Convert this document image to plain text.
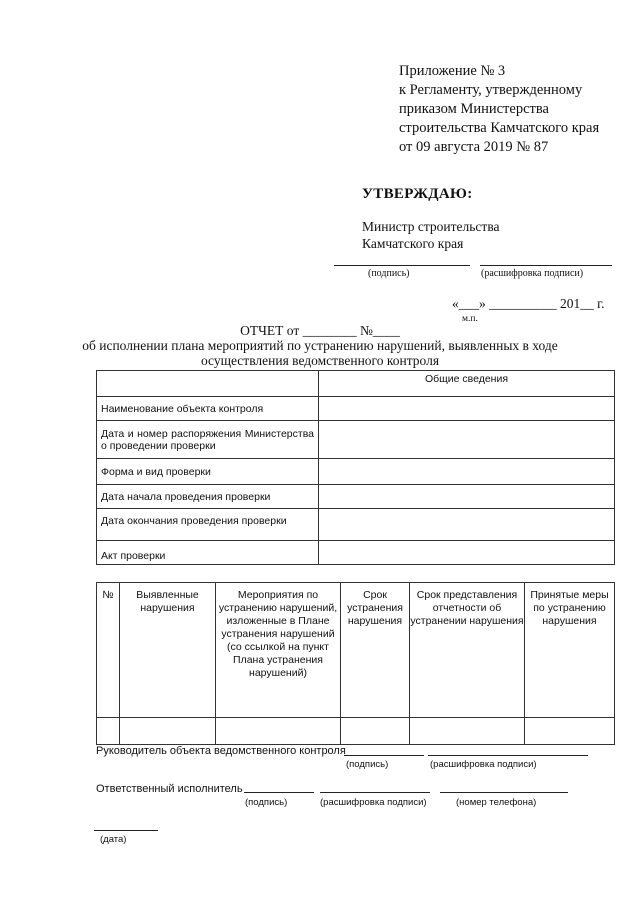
Приложение № 3
к Регламенту, утвержденному
приказом Министерства
строительства Камчатского края
от 09 августа 2019 № 87
УТВЕРЖДАЮ:
Министр строительства
Камчатского края
(подпись)	(расшифровка подписи)
«___» __________ 201__ г.
м.п.
ОТЧЕТ от ________ №____
об исполнении плана мероприятий по устранению нарушений, выявленных в ходе
осуществления ведомственного контроля
	Общие сведения
Наименование объекта контроля	
Дата и номер распоряжения Министерства о проведении проверки	
Форма и вид проверки	
Дата начала проведения проверки	
Дата окончания проведения проверки	
Акт проверки	
№	Выявленные нарушения	Мероприятия по устранению нарушений, изложенные в Плане устранения нарушений (со ссылкой на пункт Плана устранения нарушений)	Срок устранения нарушения	Срок представления отчетности об устранении нарушения	Принятые меры по устранению нарушения

Руководитель объекта ведомственного контроля
(подпись)	(расшифровка подписи)
Ответственный исполнитель
(подпись)	(расшифровка подписи)	(номер телефона)
(дата)
